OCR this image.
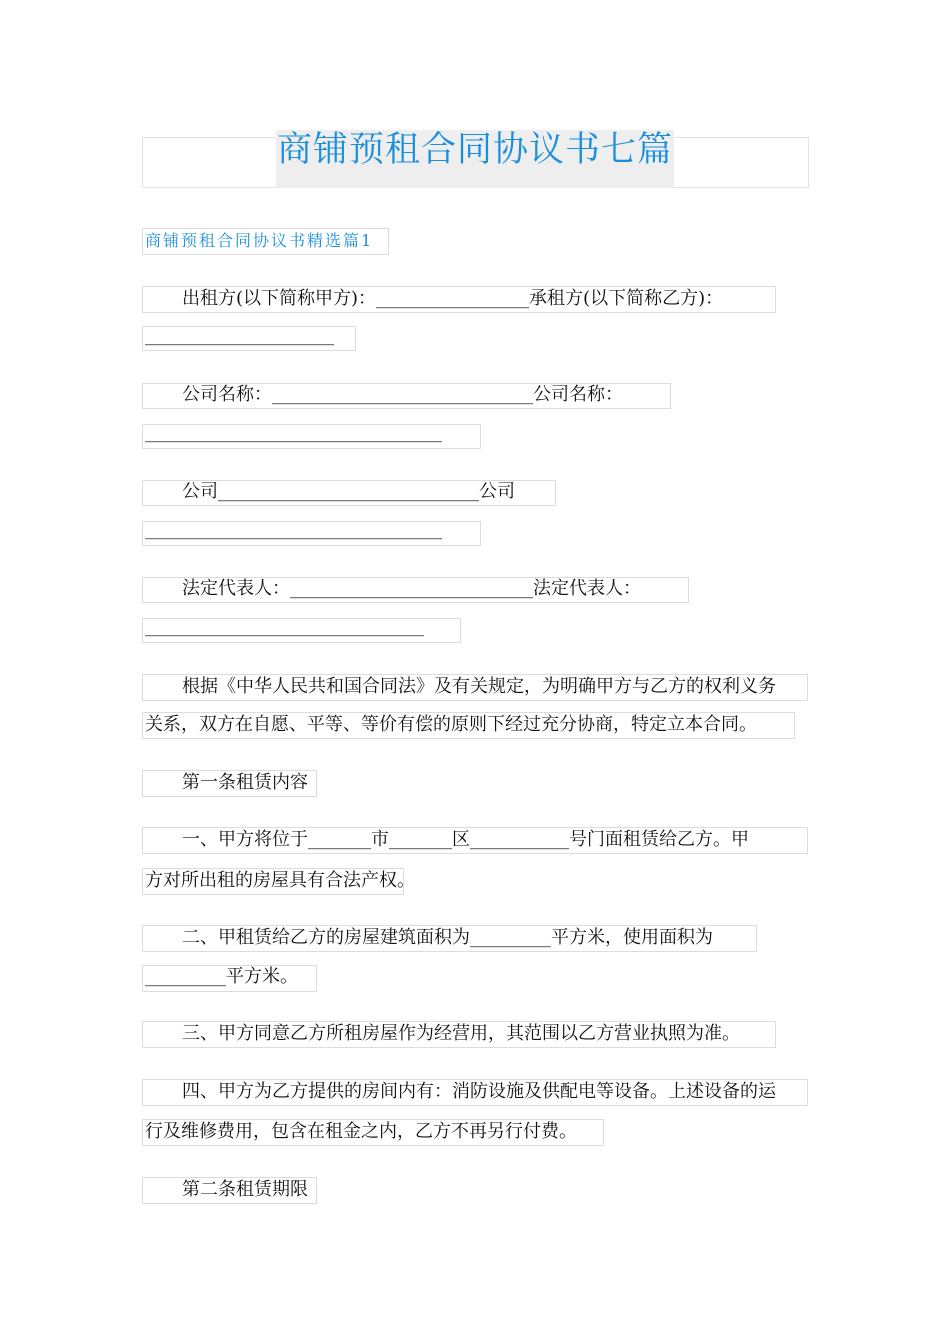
商铺预租合同协议书七篇
商铺预租合同协议书精选篇1
出租方(以下简称甲方)：_________________承租方(以下简称乙方)：
_____________________
公司名称：_____________________________公司名称：
_________________________________
公司_____________________________公司
_________________________________
法定代表人：___________________________法定代表人：
_______________________________
根据《中华人民共和国合同法》及有关规定，为明确甲方与乙方的权利义务
关系，双方在自愿、平等、等价有偿的原则下经过充分协商，特定立本合同。
第一条租赁内容
一、甲方将位于_______市_______区___________号门面租赁给乙方。甲
方对所出租的房屋具有合法产权。
二、甲租赁给乙方的房屋建筑面积为_________平方米，使用面积为
_________平方米。
三、甲方同意乙方所租房屋作为经营用，其范围以乙方营业执照为准。
四、甲方为乙方提供的房间内有：消防设施及供配电等设备。上述设备的运
行及维修费用，包含在租金之内，乙方不再另行付费。
第二条租赁期限
